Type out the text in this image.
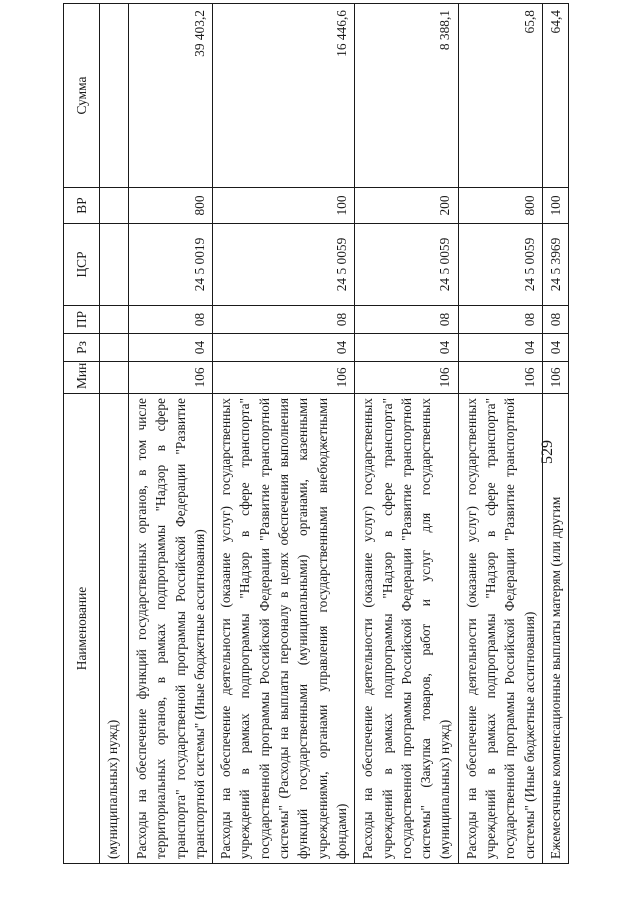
529
Наименование	Мин	Рз	ПР	ЦСР	ВР	Сумма

(муниципальных) нужд)						

Расходы на обеспечение функций государственных органов, в том числе территориальных органов, в рамках подпрограммы "Надзор в сфере транспорта" государственной программы Российской Федерации "Развитие транспортной системы" (Иные бюджетные ассигнования)	106	04	08	24 5 0019	800	39 403,2

Расходы на обеспечение деятельности (оказание услуг) государственных учреждений в рамках подпрограммы "Надзор в сфере транспорта" государственной программы Российской Федерации "Развитие транспортной системы" (Расходы на выплаты персоналу в целях обеспечения выполнения функций государственными (муниципальными) органами, казенными учреждениями, органами управления государственными внебюджетными фондами)	106	04	08	24 5 0059	100	16 446,6

Расходы на обеспечение деятельности (оказание услуг) государственных учреждений в рамках подпрограммы "Надзор в сфере транспорта" государственной программы Российской Федерации "Развитие транспортной системы" (Закупка товаров, работ и услуг для государственных (муниципальных) нужд)	106	04	08	24 5 0059	200	8 388,1

Расходы на обеспечение деятельности (оказание услуг) государственных учреждений в рамках подпрограммы "Надзор в сфере транспорта" государственной программы Российской Федерации "Развитие транспортной системы" (Иные бюджетные ассигнования)	106	04	08	24 5 0059	800	65,8

Ежемесячные компенсационные выплаты матерям (или другим	106	04	08	24 5 3969	100	64,4
